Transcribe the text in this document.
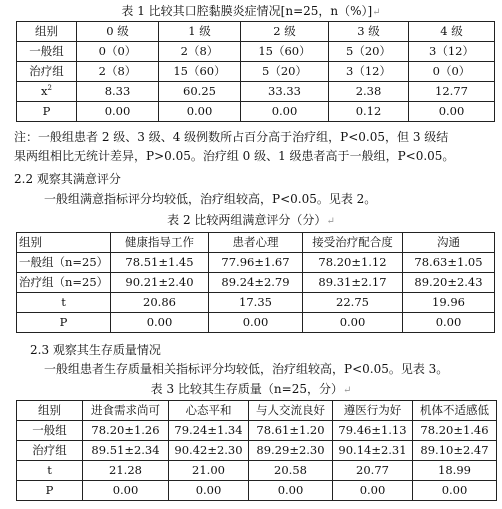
表 1 比较其口腔黏膜炎症情况[n=25，n（%）]↵
组别	0 级	1 级	2 级	3 级	4 级
一般组	0（0）	2（8）	15（60）	5（20）	3（12）
治疗组	2（8）	15（60）	5（20）	3（12）	0（0）
$x^2$	8.33	60.25	33.33	2.38	12.77
P	0.00	0.00	0.00	0.12	0.00
注：一般组患者 2 级、3 级、4 级例数所占百分高于治疗组，P<0.05，但 3 级结
果两组相比无统计差异，P>0.05。治疗组 0 级、1 级患者高于一般组，P<0.05。
2.2 观察其满意评分
一般组满意指标评分均较低，治疗组较高，P<0.05。见表 2。
表 2 比较两组满意评分（分）↵
组别	健康指导工作	患者心理	接受治疗配合度	沟通
一般组（n=25）	78.51±1.45	77.96±1.67	78.20±1.12	78.63±1.05
治疗组（n=25）	90.21±2.40	89.24±2.79	89.31±2.17	89.20±2.43
t	20.86	17.35	22.75	19.96
P	0.00	0.00	0.00	0.00
2.3 观察其生存质量情况
一般组患者生存质量相关指标评分均较低，治疗组较高，P<0.05。见表 3。
表 3 比较其生存质量（n=25，分）↵
组别	进食需求尚可	心态平和	与人交流良好	遵医行为好	机体不适感低
一般组	78.20±1.26	79.24±1.34	78.61±1.20	79.46±1.13	78.20±1.46
治疗组	89.51±2.34	90.42±2.30	89.29±2.30	90.14±2.31	89.10±2.47
t	21.28	21.00	20.58	20.77	18.99
P	0.00	0.00	0.00	0.00	0.00
